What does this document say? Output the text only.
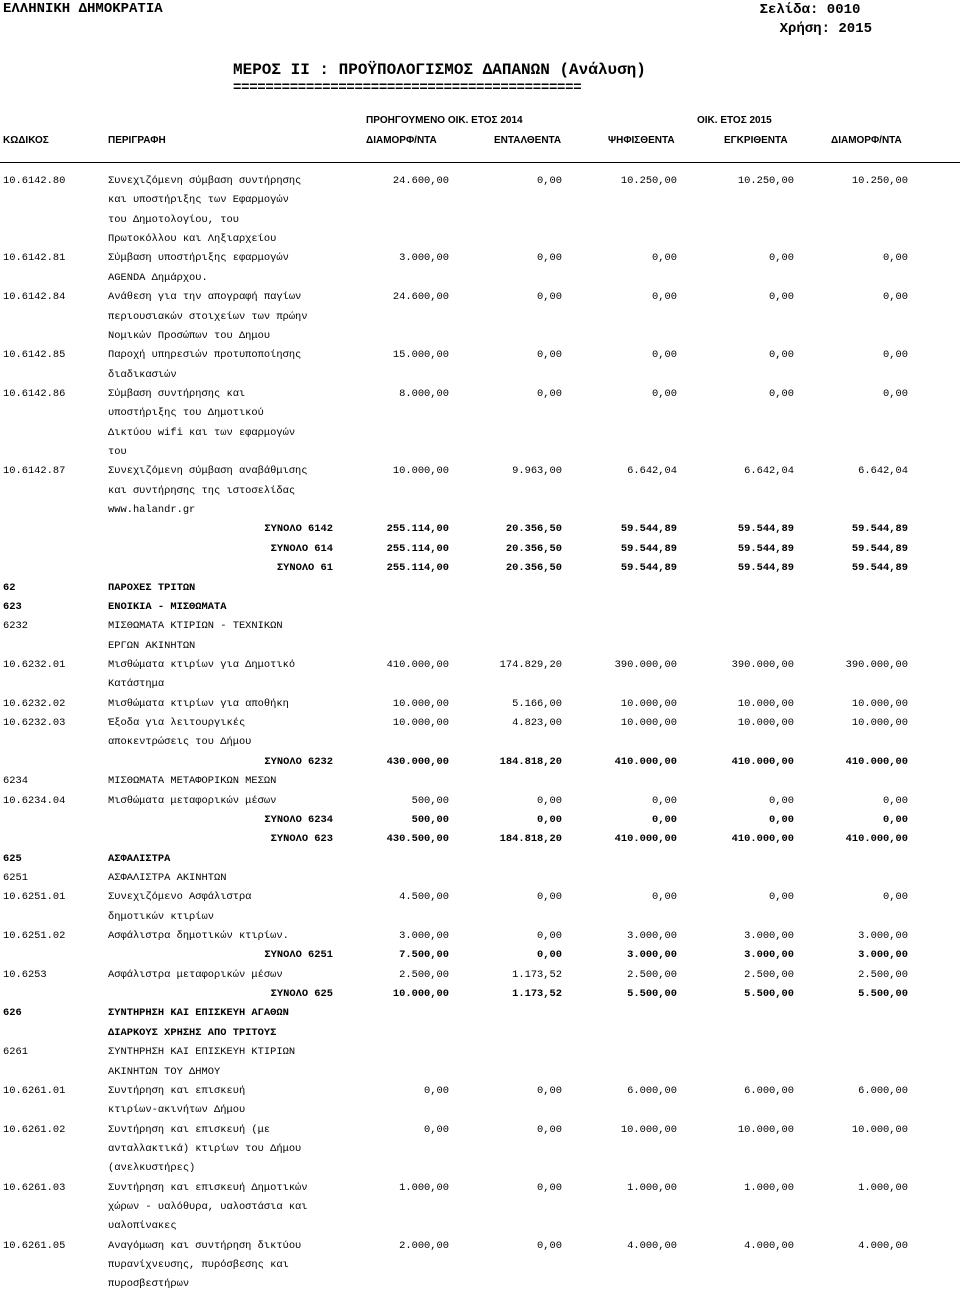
ΕΛΛΗΝΙΚΗ ΔΗΜΟΚΡΑΤΙΑ	Σελίδα: 0010
Χρήση: 2015
ΜΕΡΟΣ ΙΙ : ΠΡΟΫΠΟΛΟΓΙΣΜΟΣ ΔΑΠΑΝΩΝ (Ανάλυση)
===========================================
ΠΡΟΗΓΟΥΜΕΝΟ ΟΙΚ. ΕΤΟΣ 2014	ΟΙΚ. ΕΤΟΣ 2015
ΚΩΔΙΚΟΣ	ΠΕΡΙΓΡΑΦΗ	ΔΙΑΜΟΡΦ/ΝΤΑ	ΕΝΤΑΛΘΕΝΤΑ	ΨΗΦΙΣΘΕΝΤΑ	ΕΓΚΡΙΘΕΝΤΑ	ΔΙΑΜΟΡΦ/ΝΤΑ
10.6142.80	Συνεχιζόμενη σύμβαση συντήρησης	24.600,00	0,00	10.250,00	10.250,00	10.250,00
και υποστήριξης των Εφαρμογών
του Δημοτολογίου, του
Πρωτοκόλλου και Ληξιαρχείου
10.6142.81	Σύμβαση υποστήριξης εφαρμογών	3.000,00	0,00	0,00	0,00	0,00
AGENDA Δημάρχου.
10.6142.84	Ανάθεση για την απογραφή παγίων	24.600,00	0,00	0,00	0,00	0,00
περιουσιακών στοιχείων των πρώην
Νομικών Προσώπων του Δημου
10.6142.85	Παροχή υπηρεσιών προτυποποίησης	15.000,00	0,00	0,00	0,00	0,00
διαδικασιών
10.6142.86	Σύμβαση συντήρησης και	8.000,00	0,00	0,00	0,00	0,00
υποστήριξης του Δημοτικού
Δικτύου wifi και των εφαρμογών
του
10.6142.87	Συνεχιζόμενη σύμβαση αναβάθμισης	10.000,00	9.963,00	6.642,04	6.642,04	6.642,04
και συντήρησης της ιστοσελίδας
www.halandr.gr
ΣΥΝΟΛΟ 6142	255.114,00	20.356,50	59.544,89	59.544,89	59.544,89
ΣΥΝΟΛΟ 614	255.114,00	20.356,50	59.544,89	59.544,89	59.544,89
ΣΥΝΟΛΟ 61	255.114,00	20.356,50	59.544,89	59.544,89	59.544,89
62	ΠΑΡΟΧΕΣ ΤΡΙΤΩΝ
623	ΕΝΟΙΚΙΑ - ΜΙΣΘΩΜΑΤΑ
6232	ΜΙΣΘΩΜΑΤΑ ΚΤΙΡΙΩΝ - ΤΕΧΝΙΚΩΝ
ΕΡΓΩΝ ΑΚΙΝΗΤΩΝ
10.6232.01	Μισθώματα κτιρίων για Δημοτικό	410.000,00	174.829,20	390.000,00	390.000,00	390.000,00
Κατάστημα
10.6232.02	Μισθώματα κτιρίων για αποθήκη	10.000,00	5.166,00	10.000,00	10.000,00	10.000,00
10.6232.03	Έξοδα για λειτουργικές	10.000,00	4.823,00	10.000,00	10.000,00	10.000,00
αποκεντρώσεις του Δήμου
ΣΥΝΟΛΟ 6232	430.000,00	184.818,20	410.000,00	410.000,00	410.000,00
6234	ΜΙΣΘΩΜΑΤΑ ΜΕΤΑΦΟΡΙΚΩΝ ΜΕΣΩΝ
10.6234.04	Μισθώματα μεταφορικών μέσων	500,00	0,00	0,00	0,00	0,00
ΣΥΝΟΛΟ 6234	500,00	0,00	0,00	0,00	0,00
ΣΥΝΟΛΟ 623	430.500,00	184.818,20	410.000,00	410.000,00	410.000,00
625	ΑΣΦΑΛΙΣΤΡΑ
6251	ΑΣΦΑΛΙΣΤΡΑ ΑΚΙΝΗΤΩΝ
10.6251.01	Συνεχιζόμενο Ασφάλιστρα	4.500,00	0,00	0,00	0,00	0,00
δημοτικών κτιρίων
10.6251.02	Ασφάλιστρα δημοτικών κτιρίων.	3.000,00	0,00	3.000,00	3.000,00	3.000,00
ΣΥΝΟΛΟ 6251	7.500,00	0,00	3.000,00	3.000,00	3.000,00
10.6253	Ασφάλιστρα μεταφορικών μέσων	2.500,00	1.173,52	2.500,00	2.500,00	2.500,00
ΣΥΝΟΛΟ 625	10.000,00	1.173,52	5.500,00	5.500,00	5.500,00
626	ΣΥΝΤΗΡΗΣΗ ΚΑΙ ΕΠΙΣΚΕΥΗ ΑΓΑΘΩΝ
ΔΙΑΡΚΟΥΣ ΧΡΗΣΗΣ ΑΠΟ ΤΡΙΤΟΥΣ
6261	ΣΥΝΤΗΡΗΣΗ ΚΑΙ ΕΠΙΣΚΕΥΗ ΚΤΙΡΙΩΝ
ΑΚΙΝΗΤΩΝ ΤΟΥ ΔΗΜΟΥ
10.6261.01	Συντήρηση και επισκευή	0,00	0,00	6.000,00	6.000,00	6.000,00
κτιρίων-ακινήτων Δήμου
10.6261.02	Συντήρηση και επισκευή (με	0,00	0,00	10.000,00	10.000,00	10.000,00
ανταλλακτικά) κτιρίων του Δήμου
(ανελκυστήρες)
10.6261.03	Συντήρηση και επισκευή Δημοτικών	1.000,00	0,00	1.000,00	1.000,00	1.000,00
χώρων - υαλόθυρα, υαλοστάσια και
υαλοπίνακες
10.6261.05	Αναγόμωση και συντήρηση δικτύου	2.000,00	0,00	4.000,00	4.000,00	4.000,00
πυρανίχνευσης, πυρόσβεσης και
πυροσβεστήρων
